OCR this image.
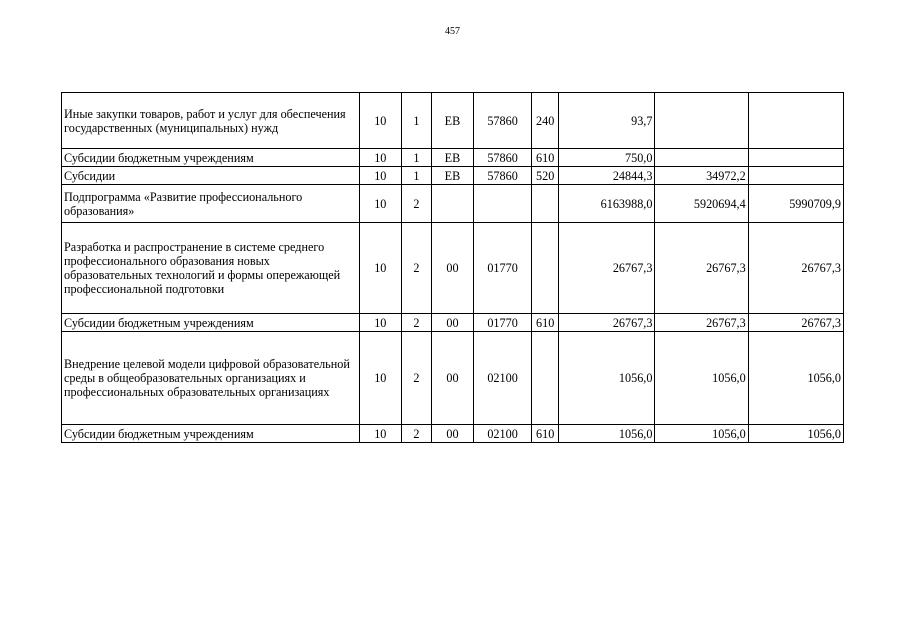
457
Иные закупки товаров, работ и услуг для обеспечения государственных (муниципальных) нужд	10	1	ЕВ	57860	240	93,7		
Субсидии бюджетным учреждениям	10	1	ЕВ	57860	610	750,0		
Субсидии	10	1	ЕВ	57860	520	24844,3	34972,2	
Подпрограмма «Развитие профессионального образования»	10	2				6163988,0	5920694,4	5990709,9
Разработка и распространение в системе среднего профессионального образования новых образовательных технологий и формы опережающей профессиональной подготовки	10	2	00	01770		26767,3	26767,3	26767,3
Субсидии бюджетным учреждениям	10	2	00	01770	610	26767,3	26767,3	26767,3
Внедрение целевой модели цифровой образовательной среды в общеобразовательных организациях и профессиональных образовательных организациях	10	2	00	02100		1056,0	1056,0	1056,0
Субсидии бюджетным учреждениям	10	2	00	02100	610	1056,0	1056,0	1056,0
